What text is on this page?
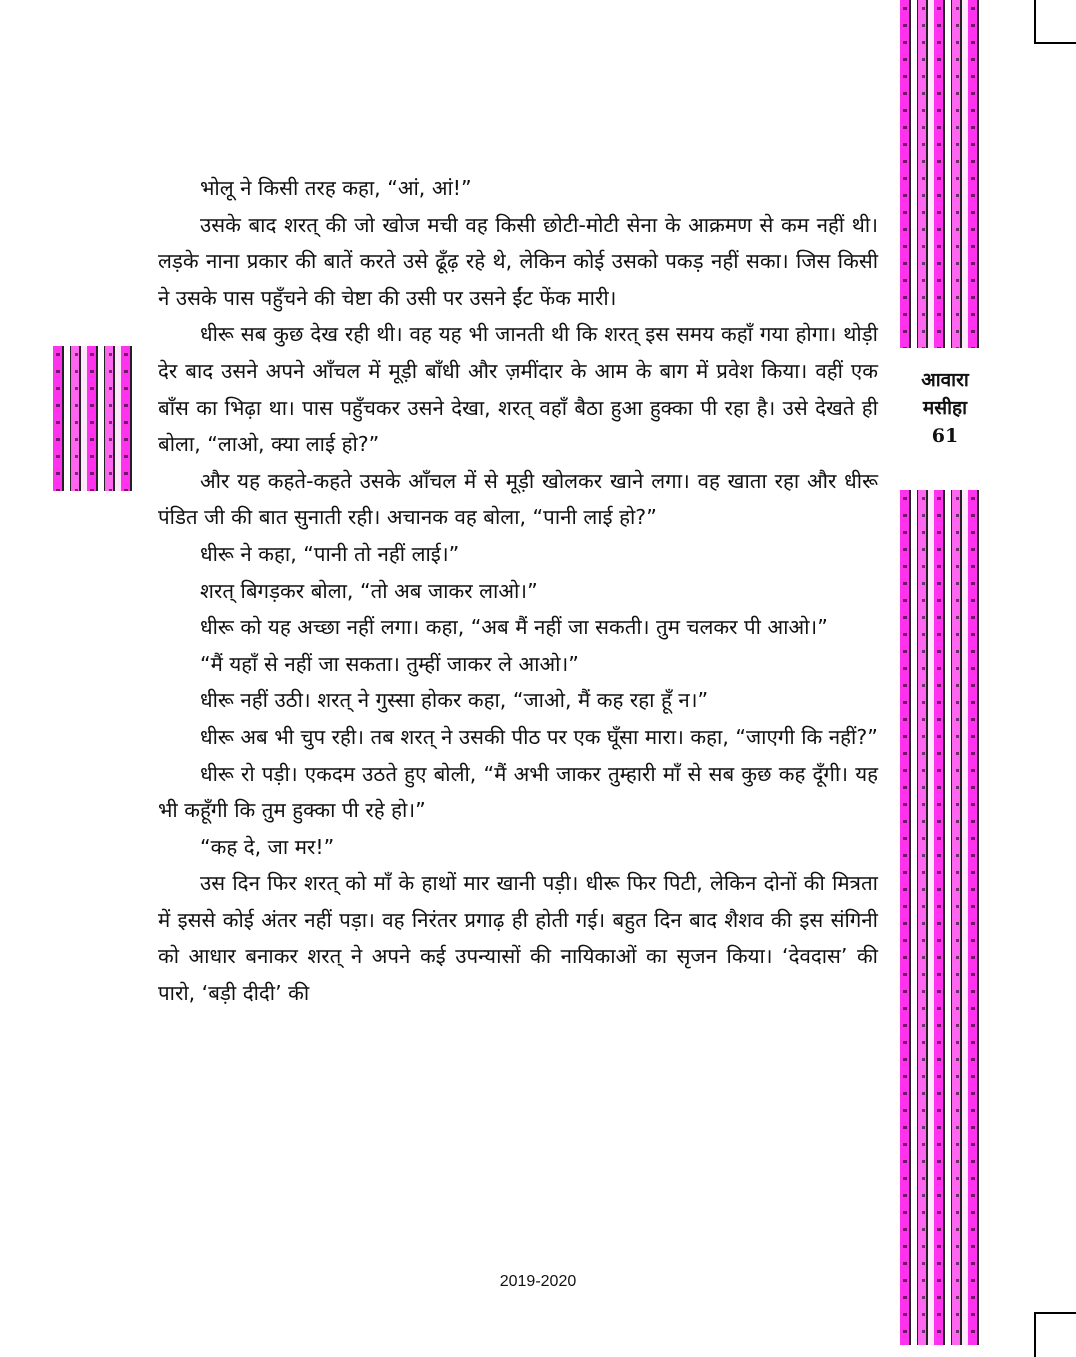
आवारा
मसीहा
61

भोलू ने किसी तरह कहा, “आं, आं!”

उसके बाद शरत् की जो खोज मची वह किसी छोटी-मोटी सेना के आक्रमण से कम नहीं थी। लड़के नाना प्रकार की बातें करते उसे ढूँढ़ रहे थे, लेकिन कोई उसको पकड़ नहीं सका। जिस किसी ने उसके पास पहुँचने की चेष्टा की उसी पर उसने ईंट फेंक मारी।

धीरू सब कुछ देख रही थी। वह यह भी जानती थी कि शरत् इस समय कहाँ गया होगा। थोड़ी देर बाद उसने अपने आँचल में मूड़ी बाँधी और ज़मींदार के आम के बाग में प्रवेश किया। वहीं एक बाँस का भिढ़ा था। पास पहुँचकर उसने देखा, शरत् वहाँ बैठा हुआ हुक्का पी रहा है। उसे देखते ही बोला, “लाओ, क्या लाई हो?”

और यह कहते-कहते उसके आँचल में से मूड़ी खोलकर खाने लगा। वह खाता रहा और धीरू पंडित जी की बात सुनाती रही। अचानक वह बोला, “पानी लाई हो?”

धीरू ने कहा, “पानी तो नहीं लाई।”

शरत् बिगड़कर बोला, “तो अब जाकर लाओ।”

धीरू को यह अच्छा नहीं लगा। कहा, “अब मैं नहीं जा सकती। तुम चलकर पी आओ।”

“मैं यहाँ से नहीं जा सकता। तुम्हीं जाकर ले आओ।”

धीरू नहीं उठी। शरत् ने गुस्सा होकर कहा, “जाओ, मैं कह रहा हूँ न।”

धीरू अब भी चुप रही। तब शरत् ने उसकी पीठ पर एक घूँसा मारा। कहा, “जाएगी कि नहीं?”

धीरू रो पड़ी। एकदम उठते हुए बोली, “मैं अभी जाकर तुम्हारी माँ से सब कुछ कह दूँगी। यह भी कहूँगी कि तुम हुक्का पी रहे हो।”

“कह दे, जा मर!”

उस दिन फिर शरत् को माँ के हाथों मार खानी पड़ी। धीरू फिर पिटी, लेकिन दोनों की मित्रता में इससे कोई अंतर नहीं पड़ा। वह निरंतर प्रगाढ़ ही होती गई। बहुत दिन बाद शैशव की इस संगिनी को आधार बनाकर शरत् ने अपने कई उपन्यासों की नायिकाओं का सृजन किया। ‘देवदास’ की पारो, ‘बड़ी दीदी’ की

2019-2020
